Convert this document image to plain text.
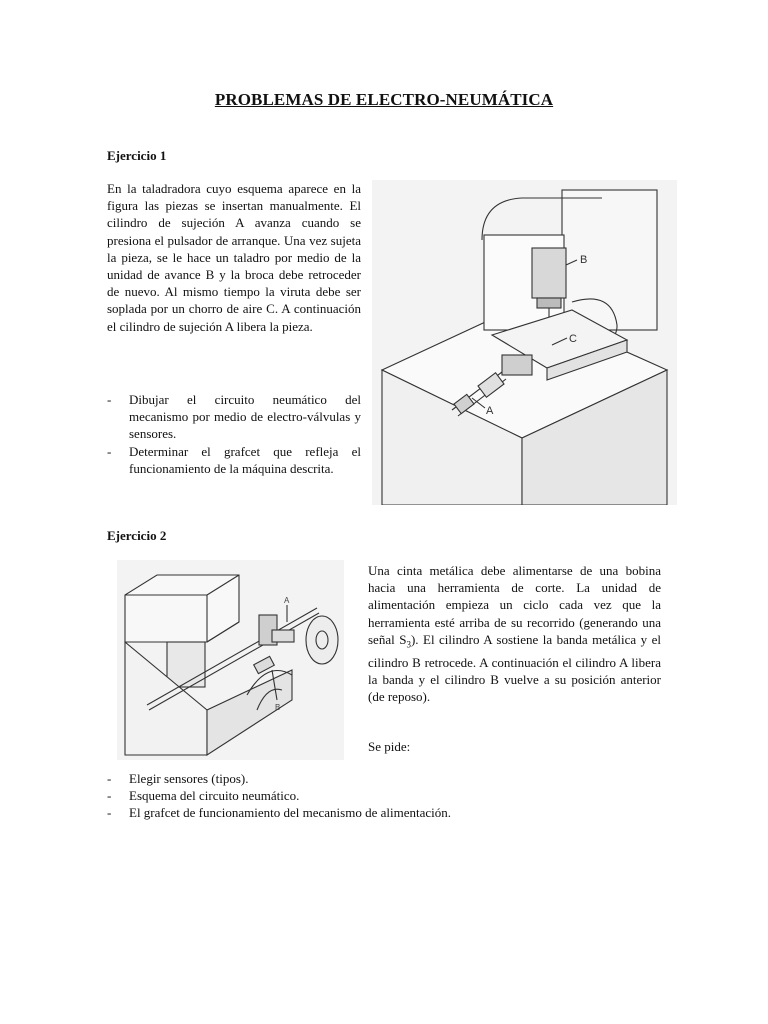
PROBLEMAS DE ELECTRO-NEUMÁTICA
Ejercicio 1
En la taladradora cuyo esquema aparece en la figura las piezas se insertan manualmente. El cilindro de sujeción A avanza cuando se presiona el pulsador de arranque. Una vez sujeta la pieza, se le hace un taladro por medio de la unidad de avance B y la broca debe retroceder de nuevo. Al mismo tiempo la viruta debe ser soplada por un chorro de aire C. A continuación el cilindro de sujeción A libera la pieza.
- Dibujar el circuito neumático del mecanismo por medio de electro-válvulas y sensores.
- Determinar el grafcet que refleja el funcionamiento de la máquina descrita.
B
C
A
Ejercicio 2
A
B
Una cinta metálica debe alimentarse de una bobina hacia una herramienta de corte. La unidad de alimentación empieza un ciclo cada vez que la herramienta esté arriba de su recorrido (generando una señal $S_3$). El cilindro A sostiene la banda metálica y el cilindro B retrocede. A continuación el cilindro A libera la banda y el cilindro B vuelve a su posición anterior (de reposo).
Se pide:
- Elegir sensores (tipos).
- Esquema del circuito neumático.
- El grafcet de funcionamiento del mecanismo de alimentación.
